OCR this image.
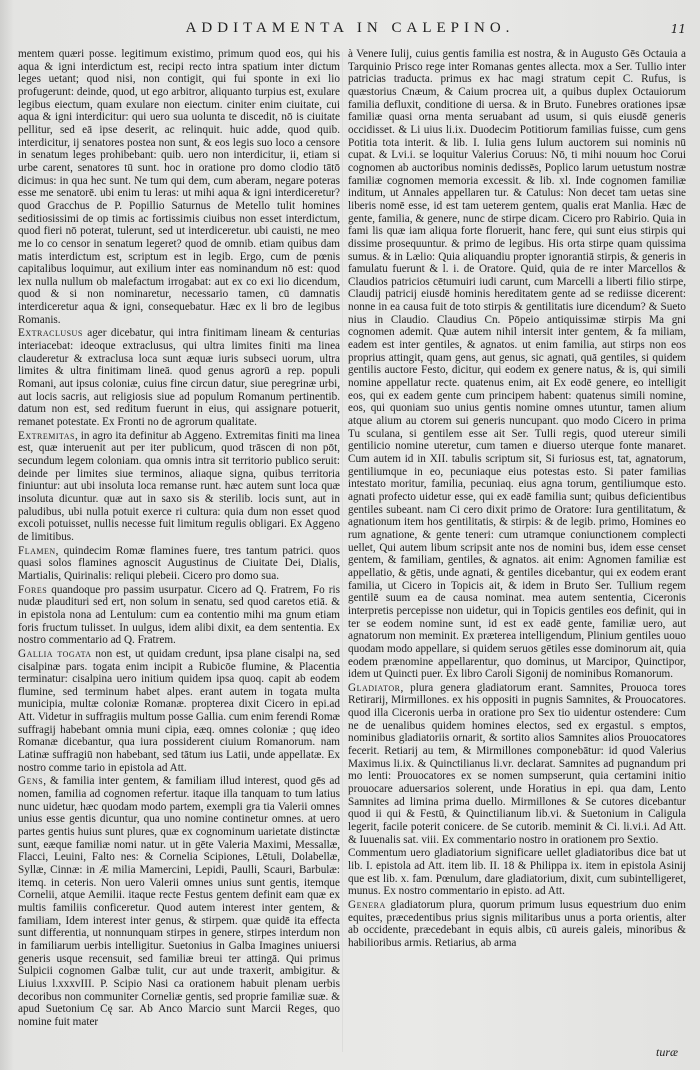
ADDITAMENTA IN CALEPINO.	11

mentem quæri posse. legitimum existimo, primum quod eos, qui his aqua & igni interdictum est, recipi recto intra spatium inter dictum leges uetant; quod nisi, non contigit, qui fui sponte in exi lio profugerunt: deinde, quod, ut ego arbitror, aliquanto turpius est, exulare legibus eiectum, quam exulare non eiectum. ciniter enim ciuitate, cui aqua & igni interdicitur: qui uero sua uolunta te discedit, nō is ciuitate pellitur, sed eā ipse deserit, ac relinquit. huic adde, quod quib. interdicitur, ij senatores postea non sunt, & eos legis suo loco a censore in senatum leges prohibebant: quib. uero non interdicitur, ii, etiam si urbe carent, senatores tū sunt. hoc in oratione pro domo clodio tātō dicimus: in qua hec sunt. Ne tum qui dem, cum aberam, negare poteras esse me senatorē. ubi enim tu leras: ut mihi aqua & igni interdiceretur? quod Gracchus de P. Popillio Saturnus de Metello tulit homines seditiosissimi de op timis ac fortissimis ciuibus non esset interdictum, quod fieri nō poterat, tulerunt, sed ut interdiceretur. ubi cauisti, ne meo me lo co censor in senatum legeret? quod de omnib. etiam quibus dam matis interdictum est, scriptum est in legib. Ergo, cum de pœnis capitalibus loquimur, aut exilium inter eas nominandum nō est: quod lex nulla nullum ob malefactum irrogabat: aut ex co exi lio dicendum, quod & si non nominaretur, necessario tamen, cū damnatis interdiceretur aqua & igni, consequebatur. Hæc ex li bro de legibus Romanis.

Extraclusus ager dicebatur, qui intra finitimam lineam & centurias interiacebat: ideoque extraclusus, qui ultra limites finiti ma linea clauderetur & extraclusa loca sunt æquæ iuris subseci uorum, ultra limites & ultra finitimam lineā. quod genus agrorū a rep. populi Romani, aut ipsus coloniæ, cuius fine circun datur, siue peregrinæ urbi, aut locis sacris, aut religiosis siue ad populum Romanum pertinentib. datum non est, sed reditum fuerunt in eius, qui assignare potuerit, remanet potestate. Ex Fronti no de agrorum qualitate.

Extremitas, in agro ita definitur ab Aggeno. Extremitas finiti ma linea est, quæ interuenit aut per iter publicum, quod trāscen di non pōt, secundum legem coloniam. qua omnis intra sit territorio publico seruit: deinde per limites siue terminos, aliaque signa, quibus territoria finiuntur: aut ubi insoluta loca remanse runt. hæc autem sunt loca quæ insoluta dicuntur. quæ aut in saxo sis & sterilib. locis sunt, aut in paludibus, ubi nulla potuit exerce ri cultura: quia dum non esset quod excoli potuisset, nullis necesse fuit limitum regulis obligari. Ex Aggeno de limitibus.

Flamen, quindecim Romæ flamines fuere, tres tantum patrici. quos quasi solos flamines agnoscit Augustinus de Ciuitate Dei, Dialis, Martialis, Quirinalis: reliqui plebeii. Cicero pro domo sua.

Fores quandoque pro passim usurpatur. Cicero ad Q. Fratrem, Fo ris nudæ plaudituri sed ert, non solum in senatu, sed quod caretos etiā. & in epistola nona ad Lentulum: cum ea contentio mihi ma gnum etiam foris fructum tulisset. In uulgus, idem alibi dixit, ea dem sententia. Ex nostro commentario ad Q. Fratrem.

Gallia togata non est, ut quidam credunt, ipsa plane cisalpi na, sed cisalpinæ pars. togata enim incipit a Rubicōe flumine, & Placentia terminatur: cisalpina uero initium quidem ipsa quoq. capit ab eodem flumine, sed terminum habet alpes. erant autem in togata multa municipia, multæ coloniæ Romanæ. propterea dixit Cicero in epi.ad Att. Videtur in suffragiis multum posse Gallia. cum enim ferendi Romæ suffragij habebant omnia muni cipia, eæq. omnes coloniæ ; quę ideo Romanæ dicebantur, qua iura possiderent ciuium Romanorum. nam Latinæ suffragiū non habebant, sed tātum ius Latii, unde appellatæ. Ex nostro comme tario in epistola ad Att.

Gens, & familia inter gentem, & familiam illud interest, quod gēs ad nomen, familia ad cognomen refertur. itaque illa tanquam to tum latius nunc uidetur, hæc quodam modo partem, exempli gra tia Valerii omnes unius esse gentis dicuntur, qua uno nomine continetur omnes. at uero partes gentis huius sunt plures, quæ ex cognominum uarietate distinctæ sunt, eæque familiæ nomi natur. ut in gēte Valeria Maximi, Messallæ, Flacci, Leuini, Falto nes: & Cornelia Scipiones, Lētuli, Dolabellæ, Syllæ, Cinnæ: in Æ milia Mamercini, Lepidi, Paulli, Scauri, Barbulæ: itemq. in ceteris. Non uero Valerii omnes unius sunt gentis, itemque Cornelii, atque Aemilii. itaque recte Festus gentem definit eam quæ ex multis familiis conficeretur. Quod autem interest inter gentem, & familiam, Idem interest inter genus, & stirpem. quæ quidē ita effecta sunt differentia, ut nonnunquam stirpes in genere, stirpes interdum non in familiarum uerbis intelligitur. Suetonius in Galba Imagines uniuersi generis usque recensuit, sed familiæ breui ter attingā. Qui primus Sulpicii cognomen Galbæ tulit, cur aut unde traxerit, ambigitur. & Liuius l.xxxvIII. P. Scipio Nasi ca orationem habuit plenam uerbis decoribus non communiter Corneliæ gentis, sed proprie familiæ suæ. & apud Suetonium Cę sar. Ab Anco Marcio sunt Marcii Reges, quo nomine fuit mater

à Venere Iulij, cuius gentis familia est nostra, & in Augusto Gēs Octauia a Tarquinio Prisco rege inter Romanas gentes allecta. mox a Ser. Tullio inter patricias traducta. primus ex hac magi stratum cepit C. Rufus, is quæstorius Cnæum, & Caium procrea uit, a quibus duplex Octauiorum familia defluxit, conditione di uersa. & in Bruto. Funebres orationes ipsæ familiæ quasi orna menta seruabant ad usum, si quis eiusdē generis occidisset. & Li uius li.ix. Duodecim Potitiorum familias fuisse, cum gens Potitia tota interit. & lib. I. Iulia gens Iulum auctorem sui nominis nū cupat. & Lvi.i. se loquitur Valerius Coruus: Nō, ti mihi nouum hoc Corui cognomen ab auctoribus nominis dedissēs, Poplico larum uetustum nostræ familiæ cognomen memoria excessit. & lib. xl. Inde cognomen familiæ inditum, ut Annales appellaren tur. & Catulus: Non decet tam uetas sine liberis nomē esse, id est tam ueterem gentem, qualis erat Manlia. Hæc de gente, familia, & genere, nunc de stirpe dicam. Cicero pro Rabirio. Quia in fami lis quæ iam aliqua forte floruerit, hanc fere, qui sunt eius stirpis qui dissime prosequuntur. & primo de legibus. His orta stirpe quam quissima sumus. & in Lælio: Quia aliquandiu propter ignorantiā stirpis, & generis in famulatu fuerunt & l. i. de Oratore. Quid, quia de re inter Marcellos & Claudios patricios cētumuiri iudi carunt, cum Marcelli a liberti filio stirpe, Claudij patricij eiusdē hominis hereditatem gente ad se rediisse dicerent: nonne in ea causa fuit de toto stirpis & gentilitatis iure dicendum? & Sueto nius in Claudio. Claudius Cn. Pōpeio antiquissimæ stirpis Ma gni cognomen ademit. Quæ autem nihil intersit inter gentem, & fa miliam, eadem est inter gentiles, & agnatos. ut enim familia, aut stirps non eos proprius attingit, quam gens, aut genus, sic agnati, quā gentiles, si quidem gentilis auctore Festo, dicitur, qui eodem ex genere natus, & is, qui simili nomine appellatur recte. quatenus enim, ait Ex eodē genere, eo intelligit eos, qui ex eadem gente cum principem habent: quatenus simili nomine, eos, qui quoniam suo unius gentis nomine omnes utuntur, tamen alium atque alium au ctorem sui generis nuncupant. quo modo Cicero in prima Tu sculana, si gentilem esse ait Ser. Tulli regis, quod utereur simili gentilicio nomine uteretur, cum tamen e diuerso uterque fonte manaret. Cum autem id in XII. tabulis scriptum sit, Si furiosus est, tat, agnatorum, gentiliumque in eo, pecuniaque eius potestas esto. Si pater familias intestato moritur, familia, pecuniaq. eius agna torum, gentiliumque esto. agnati profecto uidetur esse, qui ex eadē familia sunt; quibus deficientibus gentiles subeant. nam Ci cero dixit primo de Oratore: Iura gentilitatum, & agnationum item hos gentilitatis, & stirpis: & de legib. primo, Homines eo rum agnatione, & gente teneri: cum utramque coniunctionem complecti uellet, Qui autem libum scripsit ante nos de nomini bus, idem esse censet gentem, & familiam, gentiles, & agnatos. ait enim: Agnomen familiæ est appellatio, & gētis, unde agnati, & gentiles dicebantur, qui ex eodem erant familia, ut Cicero in Topicis ait, & idem in Bruto Ser. Tullium regem gentilē suum ea de causa nominat. mea autem sententia, Ciceronis interpretis percepisse non uidetur, qui in Topicis gentiles eos definit, qui in ter se eodem nomine sunt, id est ex eadē gente, familiæ uero, aut agnatorum non meminit. Ex præterea intelligendum, Plinium gentiles uouo quodam modo appellare, si quidem seruos gētiles esse dominorum ait, quia eodem prænomine appellarentur, quo dominus, ut Marcipor, Quinctipor, idem ut Quincti puer. Ex libro Caroli Sigonij de nominibus Romanorum.

Gladiator, plura genera gladiatorum erant. Samnites, Prouoca tores Retirarij, Mirmillones. ex his oppositi in pugnis Samnites, & Prouocatores. quod illa Ciceronis uerba in oratione pro Sex tio uidentur ostendere: Cum ne de uenalibus quidem homines electos, sed ex ergastul. s emptos, nominibus gladiatoriis ornarit, & sortito alios Samnites alios Prouocatores fecerit. Retiarij au tem, & Mirmillones componebātur: id quod Valerius Maximus li.ix. & Quinctilianus li.vr. declarat. Samnites ad pugnandum pri mo lenti: Prouocatores ex se nomen sumpserunt, quia certamini initio prouocare aduersarios solerent, unde Horatius in epi. qua dam, Lento Samnites ad limina prima duello. Mirmillones & Se cutores dicebantur quod ii qui & Festū, & Quinctilianum lib.vi. & Suetonium in Caligula legerit, facile poterit conicere. de Se cutorib. meminit & Ci. li.vi.i. Ad Att. & Iuuenalis sat. viii. Ex commentario nostro in orationem pro Sextio.

Commentum uero gladiatorium significare uellet gladiatoribus dice bat ut lib. I. epistola ad Att. item lib. II. 18 & Philippa ix. item in epistola Asinij que est lib. x. fam. Pœnulum, dare gladiatorium, dixit, cum subintelligeret, munus. Ex nostro commentario in episto. ad Att.

Genera gladiatorum plura, quorum primum lusus equestrium duo enim equites, præcedentibus prius signis militaribus unus a porta orientis, alter ab occidente, præcedebant in equis albis, cū aureis galeis, minoribus & habilioribus armis. Retiarius, ab arma

turæ
